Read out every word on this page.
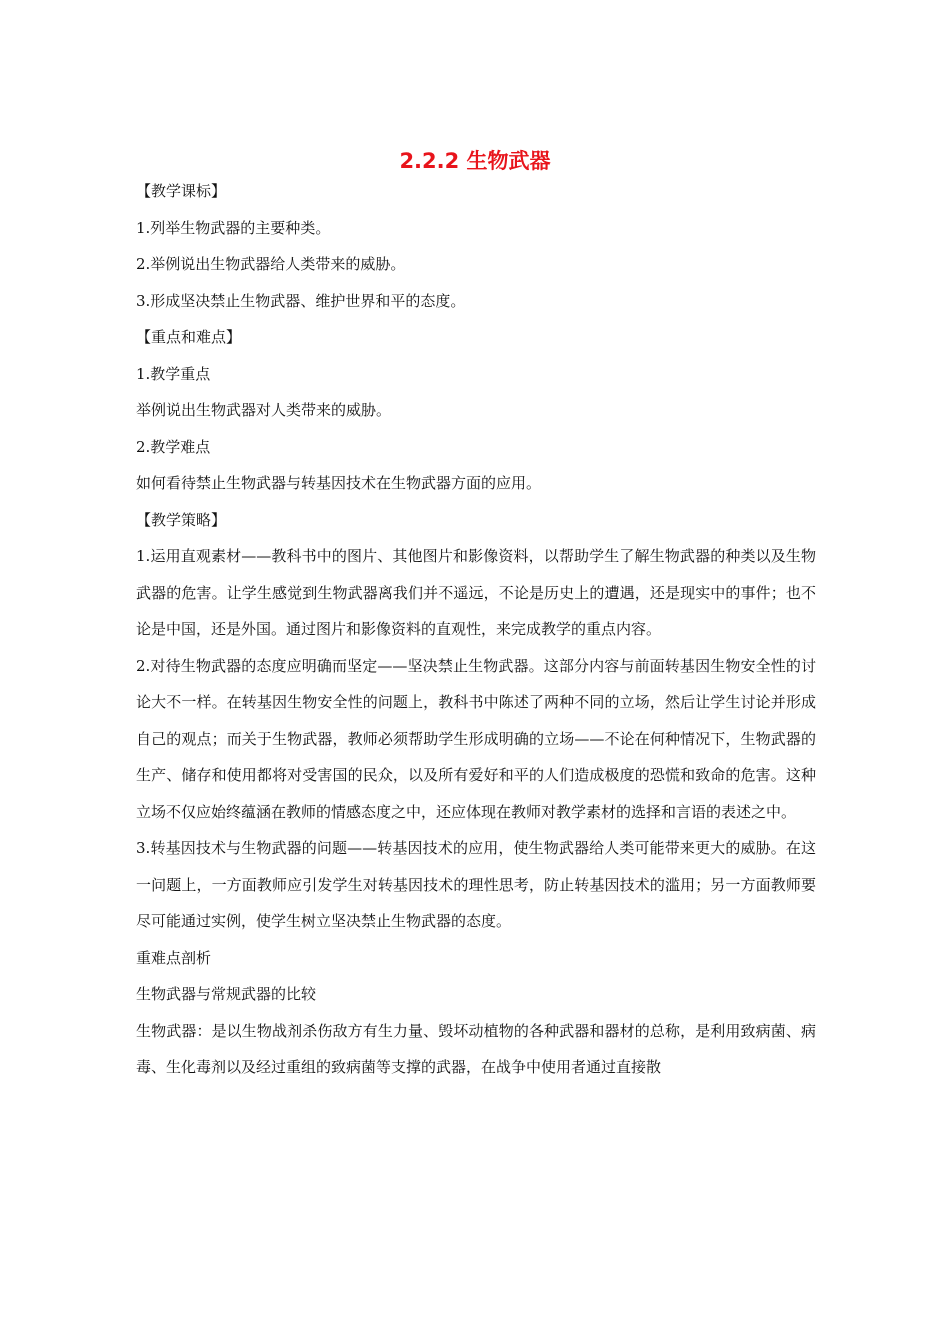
2.2.2 生物武器
【教学课标】
1.列举生物武器的主要种类。
2.举例说出生物武器给人类带来的威胁。
3.形成坚决禁止生物武器、维护世界和平的态度。
【重点和难点】
1.教学重点
举例说出生物武器对人类带来的威胁。
2.教学难点
如何看待禁止生物武器与转基因技术在生物武器方面的应用。
【教学策略】
1.运用直观素材——教科书中的图片、其他图片和影像资料，以帮助学生了解生物武器的种类以及生物武器的危害。让学生感觉到生物武器离我们并不遥远，不论是历史上的遭遇，还是现实中的事件；也不论是中国，还是外国。通过图片和影像资料的直观性，来完成教学的重点内容。
2.对待生物武器的态度应明确而坚定——坚决禁止生物武器。这部分内容与前面转基因生物安全性的讨论大不一样。在转基因生物安全性的问题上，教科书中陈述了两种不同的立场，然后让学生讨论并形成自己的观点；而关于生物武器，教师必须帮助学生形成明确的立场——不论在何种情况下，生物武器的生产、储存和使用都将对受害国的民众，以及所有爱好和平的人们造成极度的恐慌和致命的危害。这种立场不仅应始终蕴涵在教师的情感态度之中，还应体现在教师对教学素材的选择和言语的表述之中。
3.转基因技术与生物武器的问题——转基因技术的应用，使生物武器给人类可能带来更大的威胁。在这一问题上，一方面教师应引发学生对转基因技术的理性思考，防止转基因技术的滥用；另一方面教师要尽可能通过实例，使学生树立坚决禁止生物武器的态度。
重难点剖析
生物武器与常规武器的比较
生物武器：是以生物战剂杀伤敌方有生力量、毁坏动植物的各种武器和器材的总称，是利用致病菌、病毒、生化毒剂以及经过重组的致病菌等支撑的武器，在战争中使用者通过直接散
